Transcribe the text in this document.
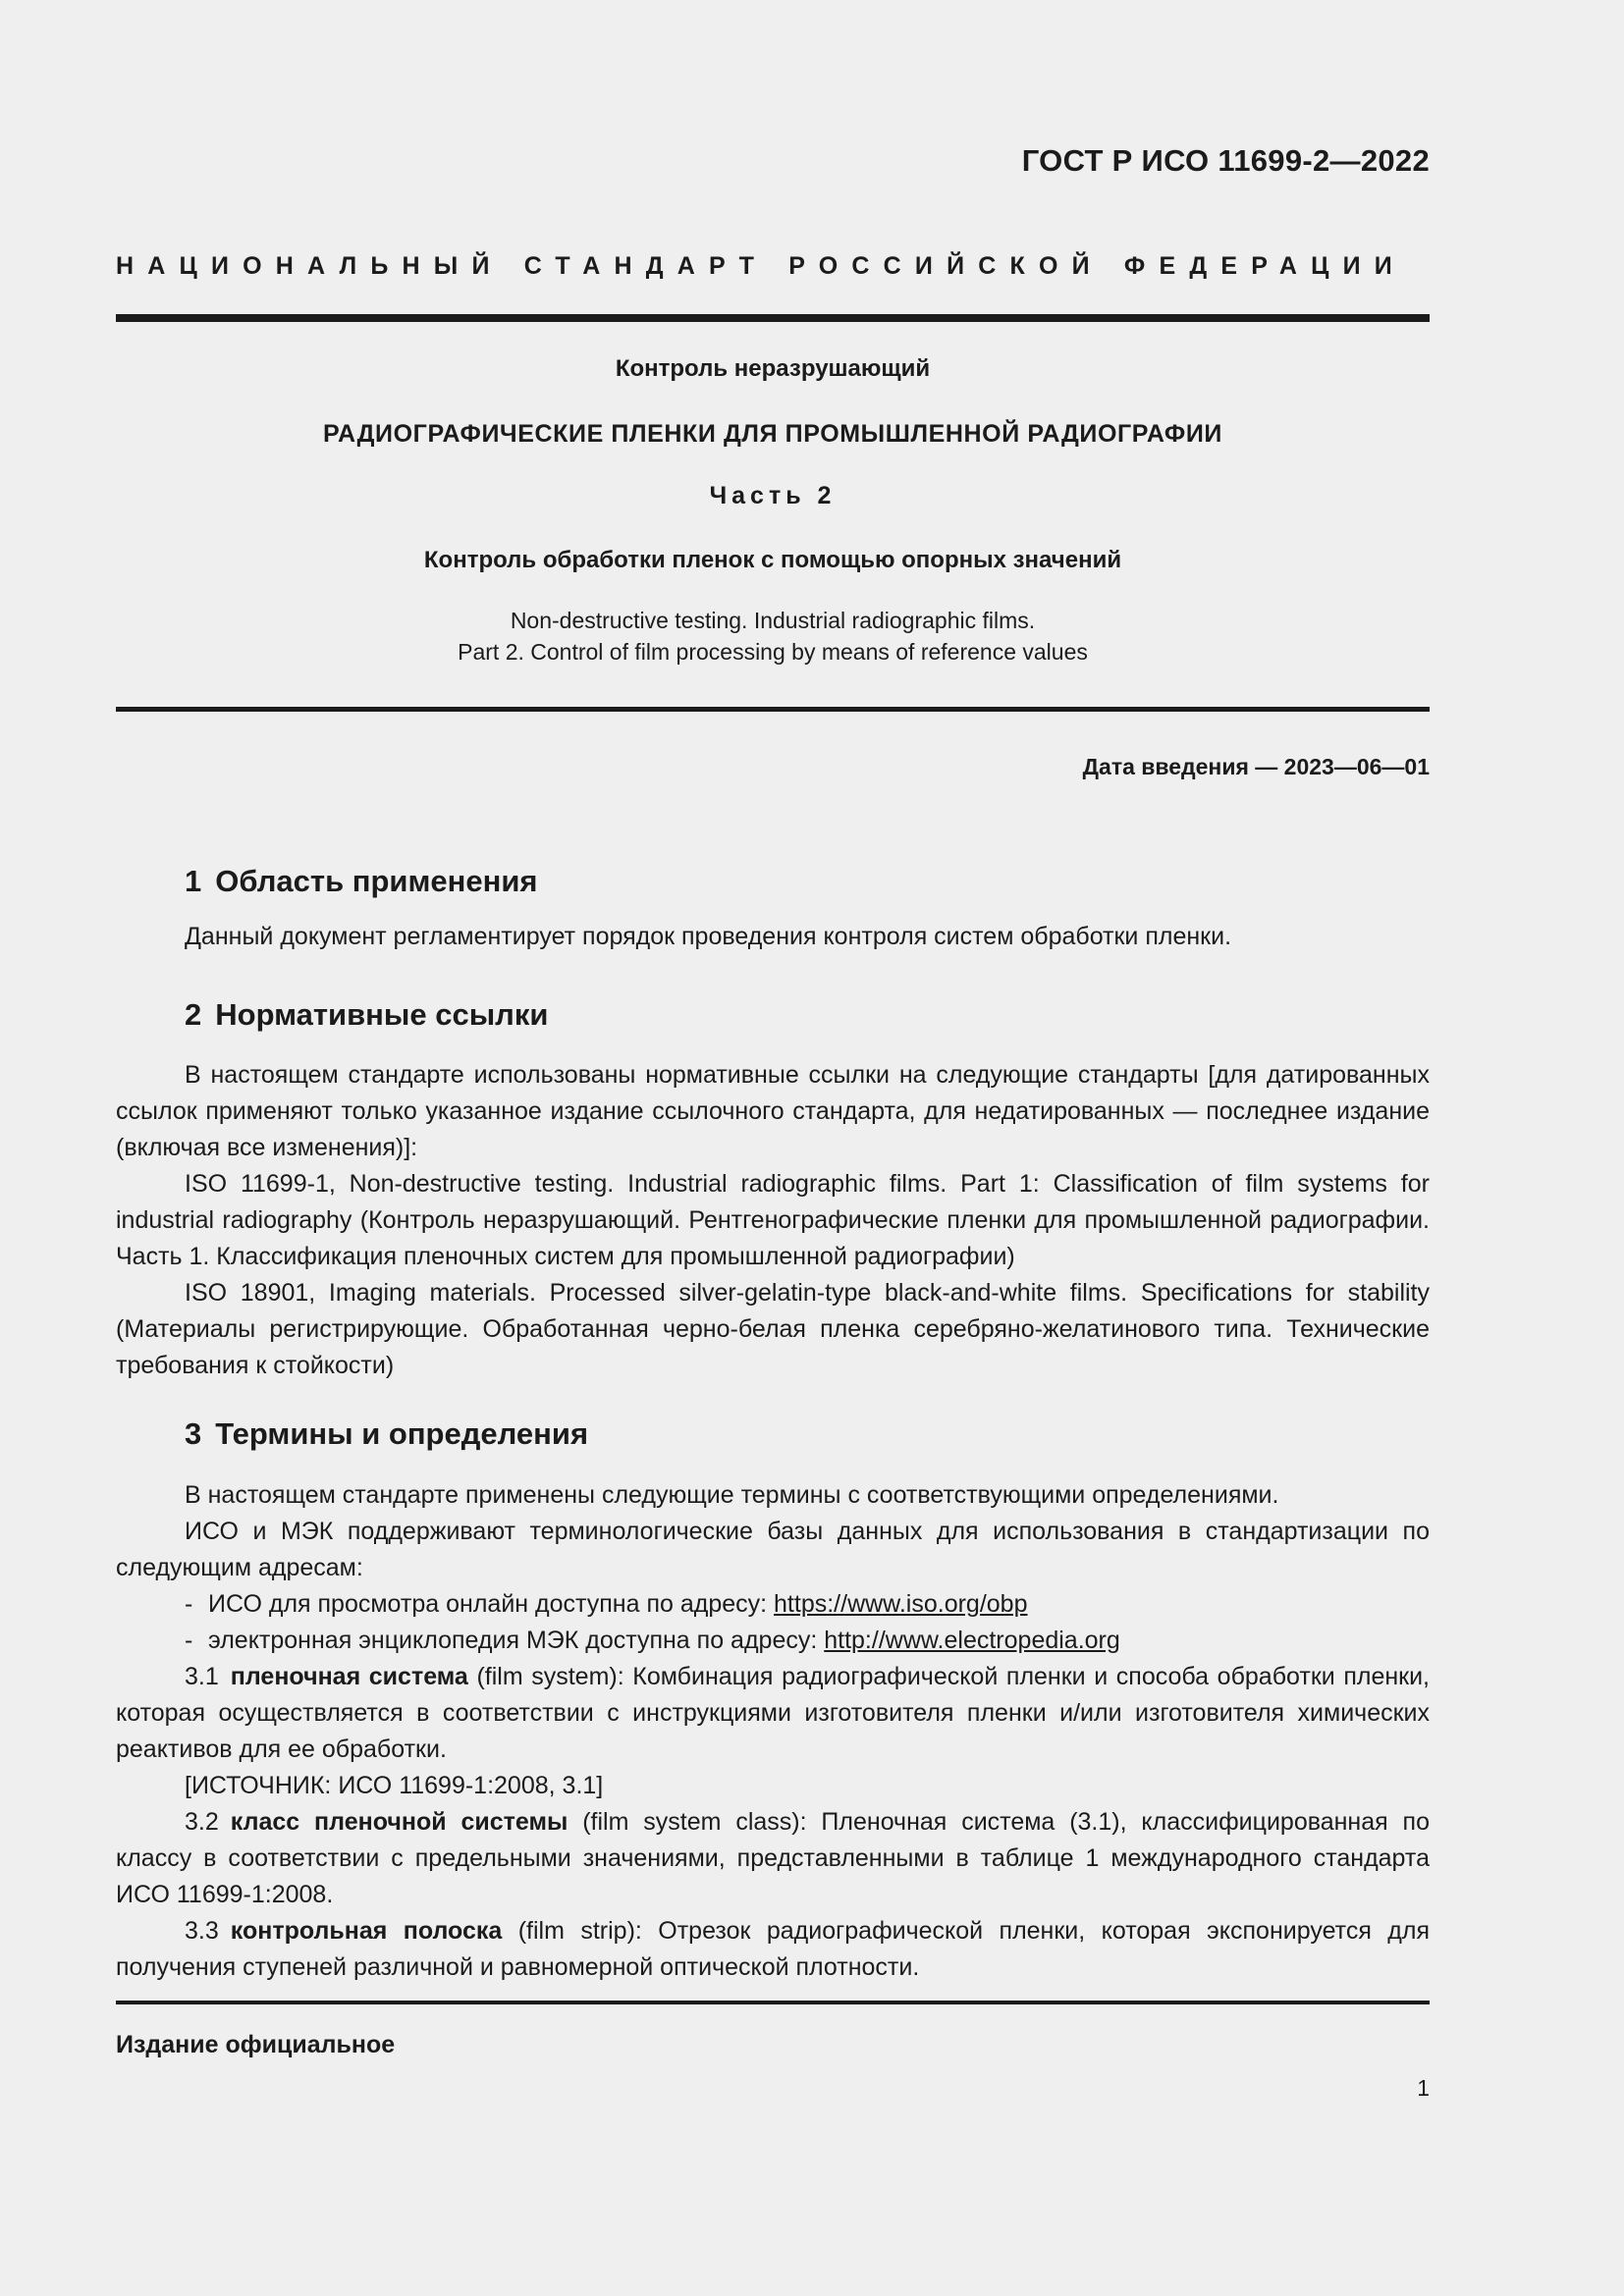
ГОСТ Р ИСО 11699-2—2022
НАЦИОНАЛЬНЫЙ СТАНДАРТ РОССИЙСКОЙ ФЕДЕРАЦИИ
Контроль неразрушающий
РАДИОГРАФИЧЕСКИЕ ПЛЕНКИ ДЛЯ ПРОМЫШЛЕННОЙ РАДИОГРАФИИ
Часть 2
Контроль обработки пленок с помощью опорных значений
Non-destructive testing. Industrial radiographic films.
Part 2. Control of film processing by means of reference values
Дата введения — 2023—06—01
1 Область применения

Данный документ регламентирует порядок проведения контроля систем обработки пленки.

2 Нормативные ссылки

В настоящем стандарте использованы нормативные ссылки на следующие стандарты [для датированных ссылок применяют только указанное издание ссылочного стандарта, для недатированных — последнее издание (включая все изменения)]:

ISO 11699-1, Non-destructive testing. Industrial radiographic films. Part 1: Classification of film systems for industrial radiography (Контроль неразрушающий. Рентгенографические пленки для промышленной радиографии. Часть 1. Классификация пленочных систем для промышленной радиографии)

ISO 18901, Imaging materials. Processed silver-gelatin-type black-and-white films. Specifications for stability (Материалы регистрирующие. Обработанная черно-белая пленка серебряно-желатинового типа. Технические требования к стойкости)

3 Термины и определения

В настоящем стандарте применены следующие термины с соответствующими определениями.

ИСО и МЭК поддерживают терминологические базы данных для использования в стандартизации по следующим адресам:

- ИСО для просмотра онлайн доступна по адресу: https://www.iso.org/obp

- электронная энциклопедия МЭК доступна по адресу: http://www.electropedia.org

3.1 пленочная система (film system): Комбинация радиографической пленки и способа обработки пленки, которая осуществляется в соответствии с инструкциями изготовителя пленки и/или изготовителя химических реактивов для ее обработки.

[ИСТОЧНИК: ИСО 11699-1:2008, 3.1]

3.2 класс пленочной системы (film system class): Пленочная система (3.1), классифицированная по классу в соответствии с предельными значениями, представленными в таблице 1 международного стандарта ИСО 11699-1:2008.

3.3 контрольная полоска (film strip): Отрезок радиографической пленки, которая экспонируется для получения ступеней различной и равномерной оптической плотности.

Издание официальное
1
